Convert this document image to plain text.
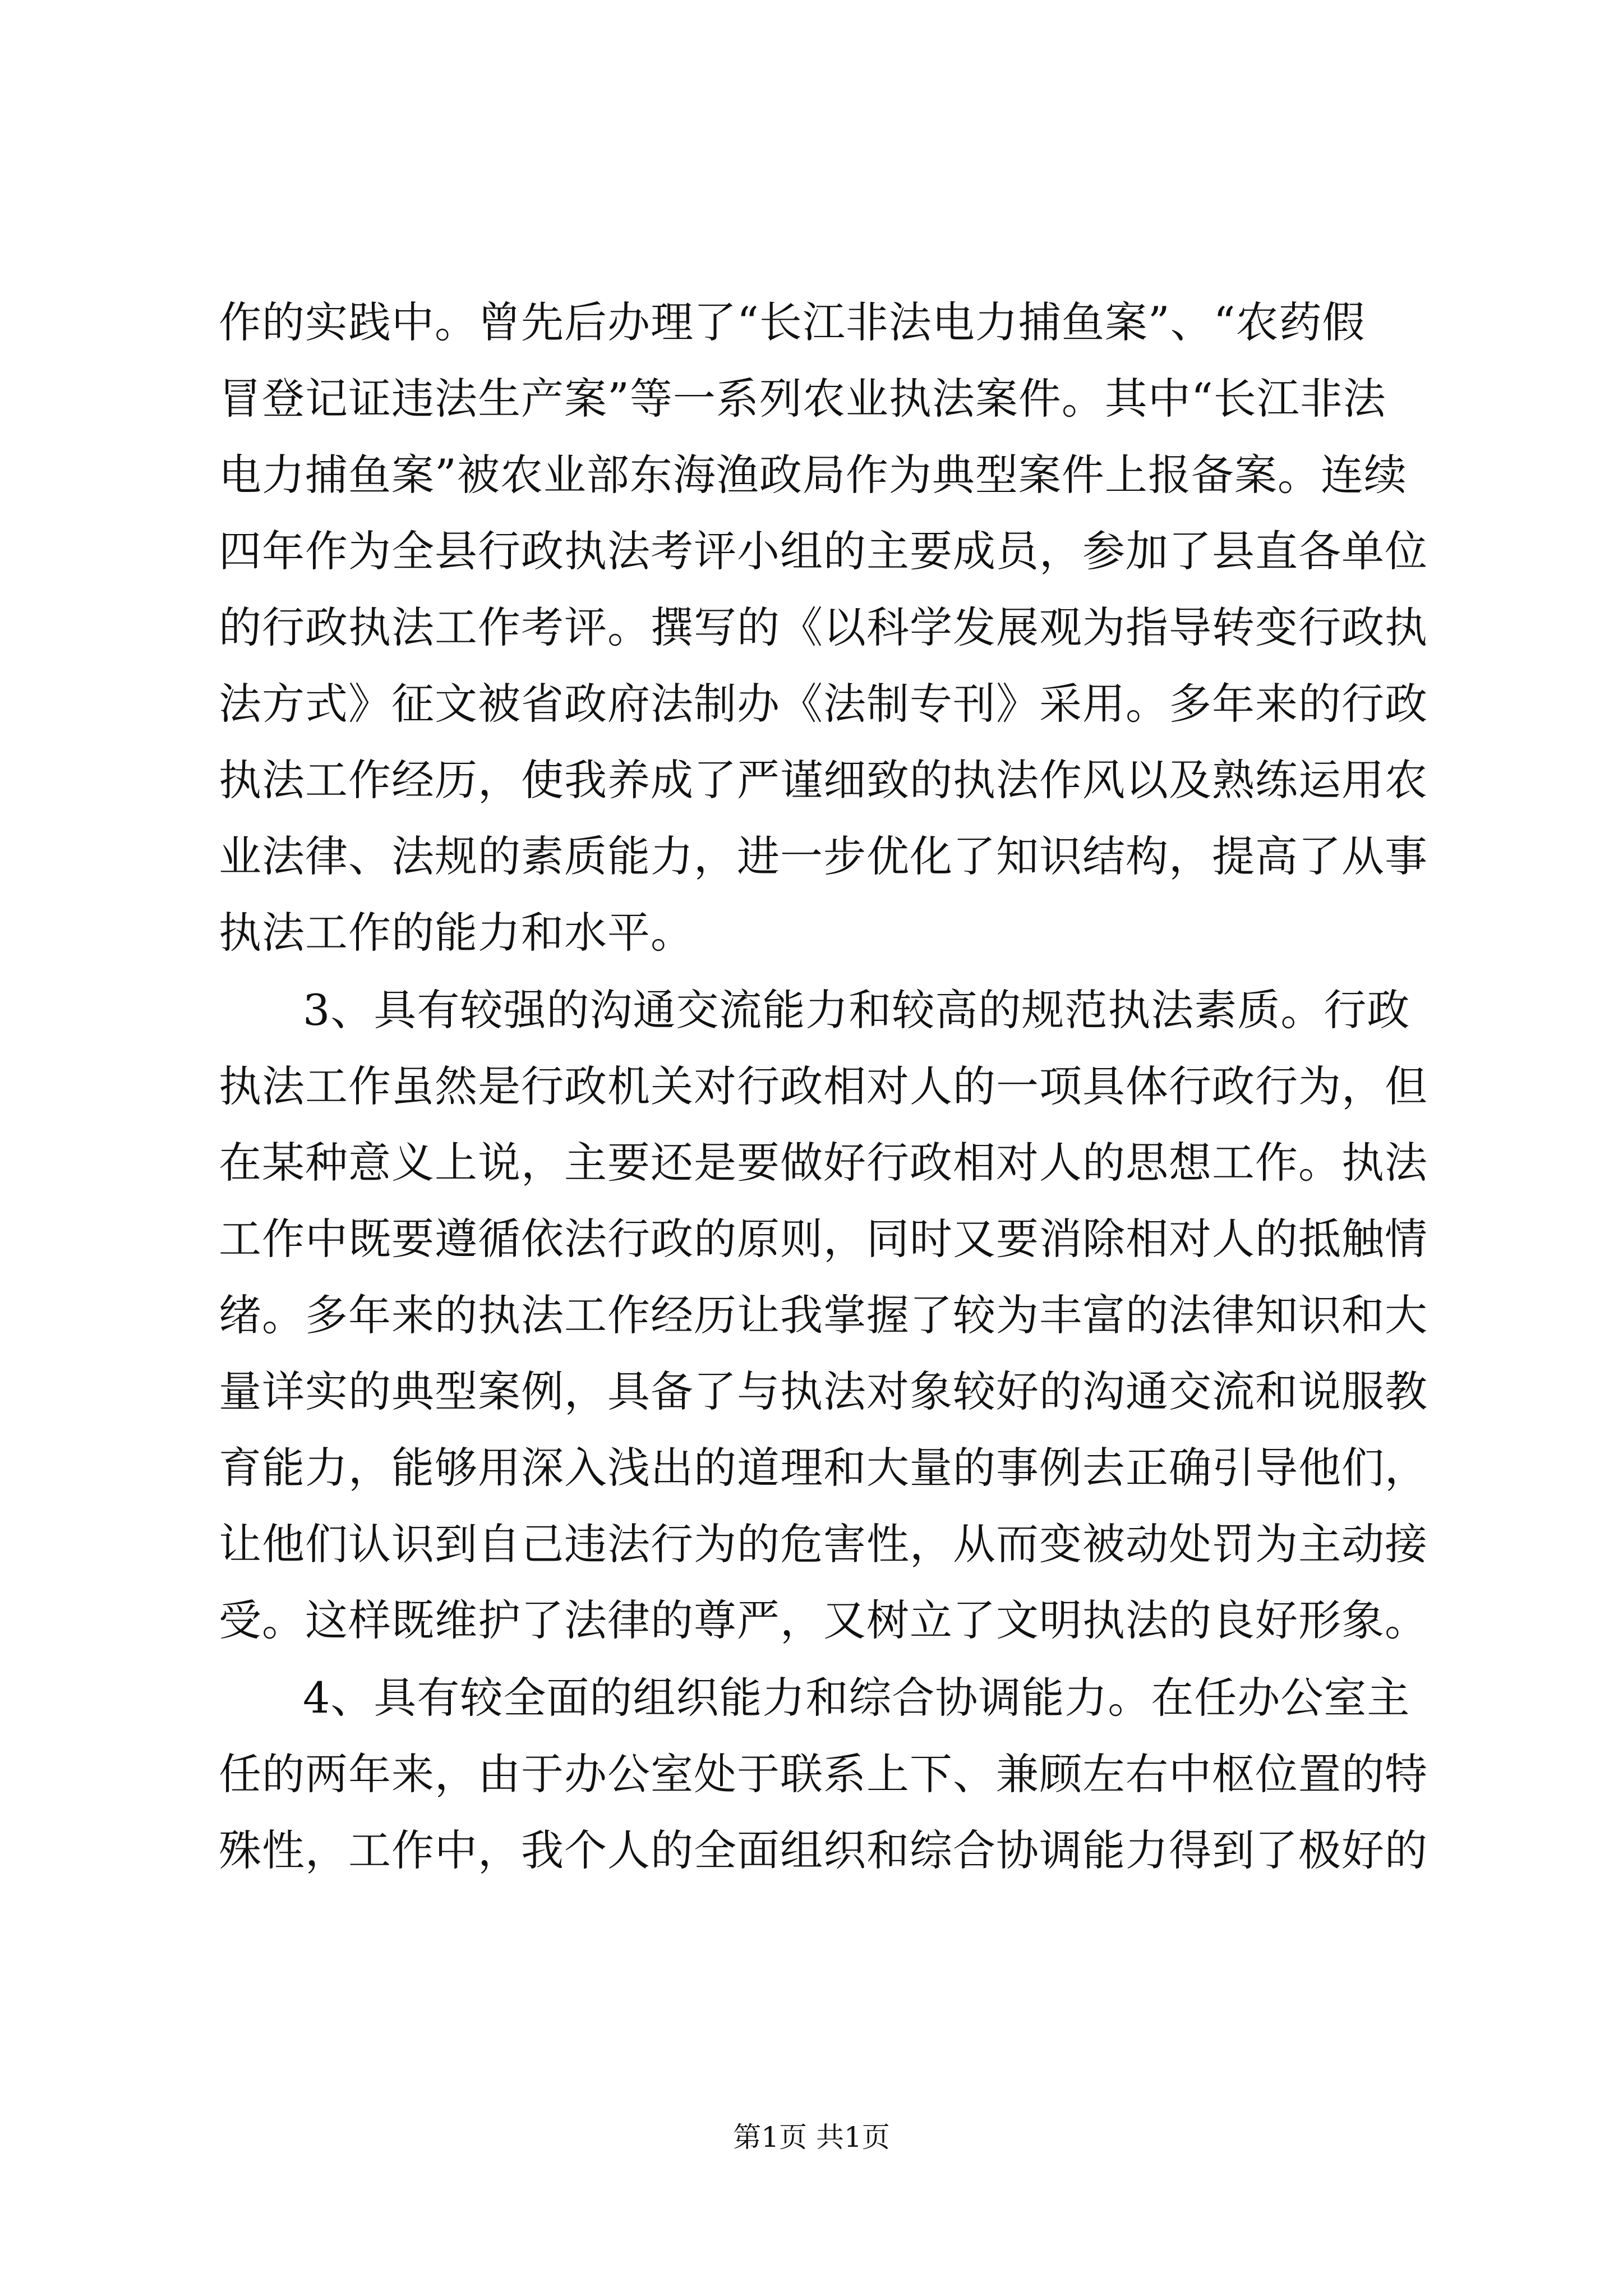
作的实践中。曾先后办理了“长江非法电力捕鱼案”、“农药假
冒登记证违法生产案”等一系列农业执法案件。其中“长江非法
电力捕鱼案”被农业部东海渔政局作为典型案件上报备案。连续
四年作为全县行政执法考评小组的主要成员，参加了县直各单位
的行政执法工作考评。撰写的《以科学发展观为指导转变行政执
法方式》征文被省政府法制办《法制专刊》采用。多年来的行政
执法工作经历，使我养成了严谨细致的执法作风以及熟练运用农
业法律、法规的素质能力，进一步优化了知识结构，提高了从事
执法工作的能力和水平。
3、具有较强的沟通交流能力和较高的规范执法素质。行政
执法工作虽然是行政机关对行政相对人的一项具体行政行为，但
在某种意义上说，主要还是要做好行政相对人的思想工作。执法
工作中既要遵循依法行政的原则，同时又要消除相对人的抵触情
绪。多年来的执法工作经历让我掌握了较为丰富的法律知识和大
量详实的典型案例，具备了与执法对象较好的沟通交流和说服教
育能力，能够用深入浅出的道理和大量的事例去正确引导他们，
让他们认识到自己违法行为的危害性，从而变被动处罚为主动接
受。这样既维护了法律的尊严，又树立了文明执法的良好形象。
4、具有较全面的组织能力和综合协调能力。在任办公室主
任的两年来，由于办公室处于联系上下、兼顾左右中枢位置的特
殊性，工作中，我个人的全面组织和综合协调能力得到了极好的
第1页 共1页
